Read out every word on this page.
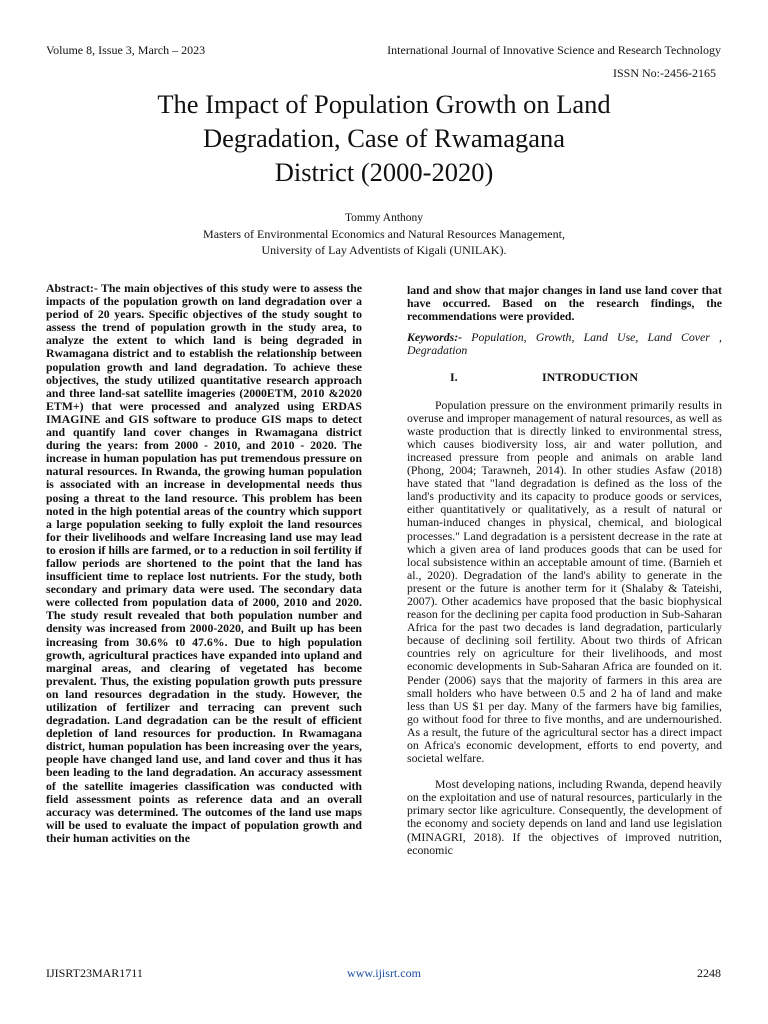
Volume 8, Issue 3, March – 2023	International Journal of Innovative Science and Research Technology
ISSN No:-2456-2165
The Impact of Population Growth on Land
Degradation, Case of Rwamagana
District (2000-2020)
Tommy Anthony
Masters of Environmental Economics and Natural Resources Management,
University of Lay Adventists of Kigali (UNILAK).

Abstract:- The main objectives of this study were to assess the impacts of the population growth on land degradation over a period of 20 years. Specific objectives of the study sought to assess the trend of population growth in the study area, to analyze the extent to which land is being degraded in Rwamagana district and to establish the relationship between population growth and land degradation. To achieve these objectives, the study utilized quantitative research approach and three land-sat satellite imageries (2000ETM, 2010 &2020 ETM+) that were processed and analyzed using ERDAS IMAGINE and GIS software to produce GIS maps to detect and quantify land cover changes in Rwamagana district during the years: from 2000 - 2010, and 2010 - 2020. The increase in human population has put tremendous pressure on natural resources. In Rwanda, the growing human population is associated with an increase in developmental needs thus posing a threat to the land resource. This problem has been noted in the high potential areas of the country which support a large population seeking to fully exploit the land resources for their livelihoods and welfare Increasing land use may lead to erosion if hills are farmed, or to a reduction in soil fertility if fallow periods are shortened to the point that the land has insufficient time to replace lost nutrients. For the study, both secondary and primary data were used. The secondary data were collected from population data of 2000, 2010 and 2020. The study result revealed that both population number and density was increased from 2000-2020, and Built up has been increasing from 30.6% t0 47.6%. Due to high population growth, agricultural practices have expanded into upland and marginal areas, and clearing of vegetated has become prevalent. Thus, the existing population growth puts pressure on land resources degradation in the study. However, the utilization of fertilizer and terracing can prevent such degradation. Land degradation can be the result of efficient depletion of land resources for production. In Rwamagana district, human population has been increasing over the years, people have changed land use, and land cover and thus it has been leading to the land degradation. An accuracy assessment of the satellite imageries classification was conducted with field assessment points as reference data and an overall accuracy was determined. The outcomes of the land use maps will be used to evaluate the impact of population growth and their human activities on the

land and show that major changes in land use land cover that have occurred. Based on the research findings, the recommendations were provided.

Keywords:- Population, Growth, Land Use, Land Cover , Degradation

I.	INTRODUCTION

Population pressure on the environment primarily results in overuse and improper management of natural resources, as well as waste production that is directly linked to environmental stress, which causes biodiversity loss, air and water pollution, and increased pressure from people and animals on arable land (Phong, 2004; Tarawneh, 2014). In other studies Asfaw (2018) have stated that "land degradation is defined as the loss of the land's productivity and its capacity to produce goods or services, either quantitatively or qualitatively, as a result of natural or human-induced changes in physical, chemical, and biological processes." Land degradation is a persistent decrease in the rate at which a given area of land produces goods that can be used for local subsistence within an acceptable amount of time. (Barnieh et al., 2020). Degradation of the land's ability to generate in the present or the future is another term for it (Shalaby & Tateishi, 2007). Other academics have proposed that the basic biophysical reason for the declining per capita food production in Sub-Saharan Africa for the past two decades is land degradation, particularly because of declining soil fertility. About two thirds of African countries rely on agriculture for their livelihoods, and most economic developments in Sub-Saharan Africa are founded on it. Pender (2006) says that the majority of farmers in this area are small holders who have between 0.5 and 2 ha of land and make less than US $1 per day. Many of the farmers have big families, go without food for three to five months, and are undernourished. As a result, the future of the agricultural sector has a direct impact on Africa's economic development, efforts to end poverty, and societal welfare.

Most developing nations, including Rwanda, depend heavily on the exploitation and use of natural resources, particularly in the primary sector like agriculture. Consequently, the development of the economy and society depends on land and land use legislation (MINAGRI, 2018). If the objectives of improved nutrition, economic

IJISRT23MAR1711	www.ijisrt.com	2248
